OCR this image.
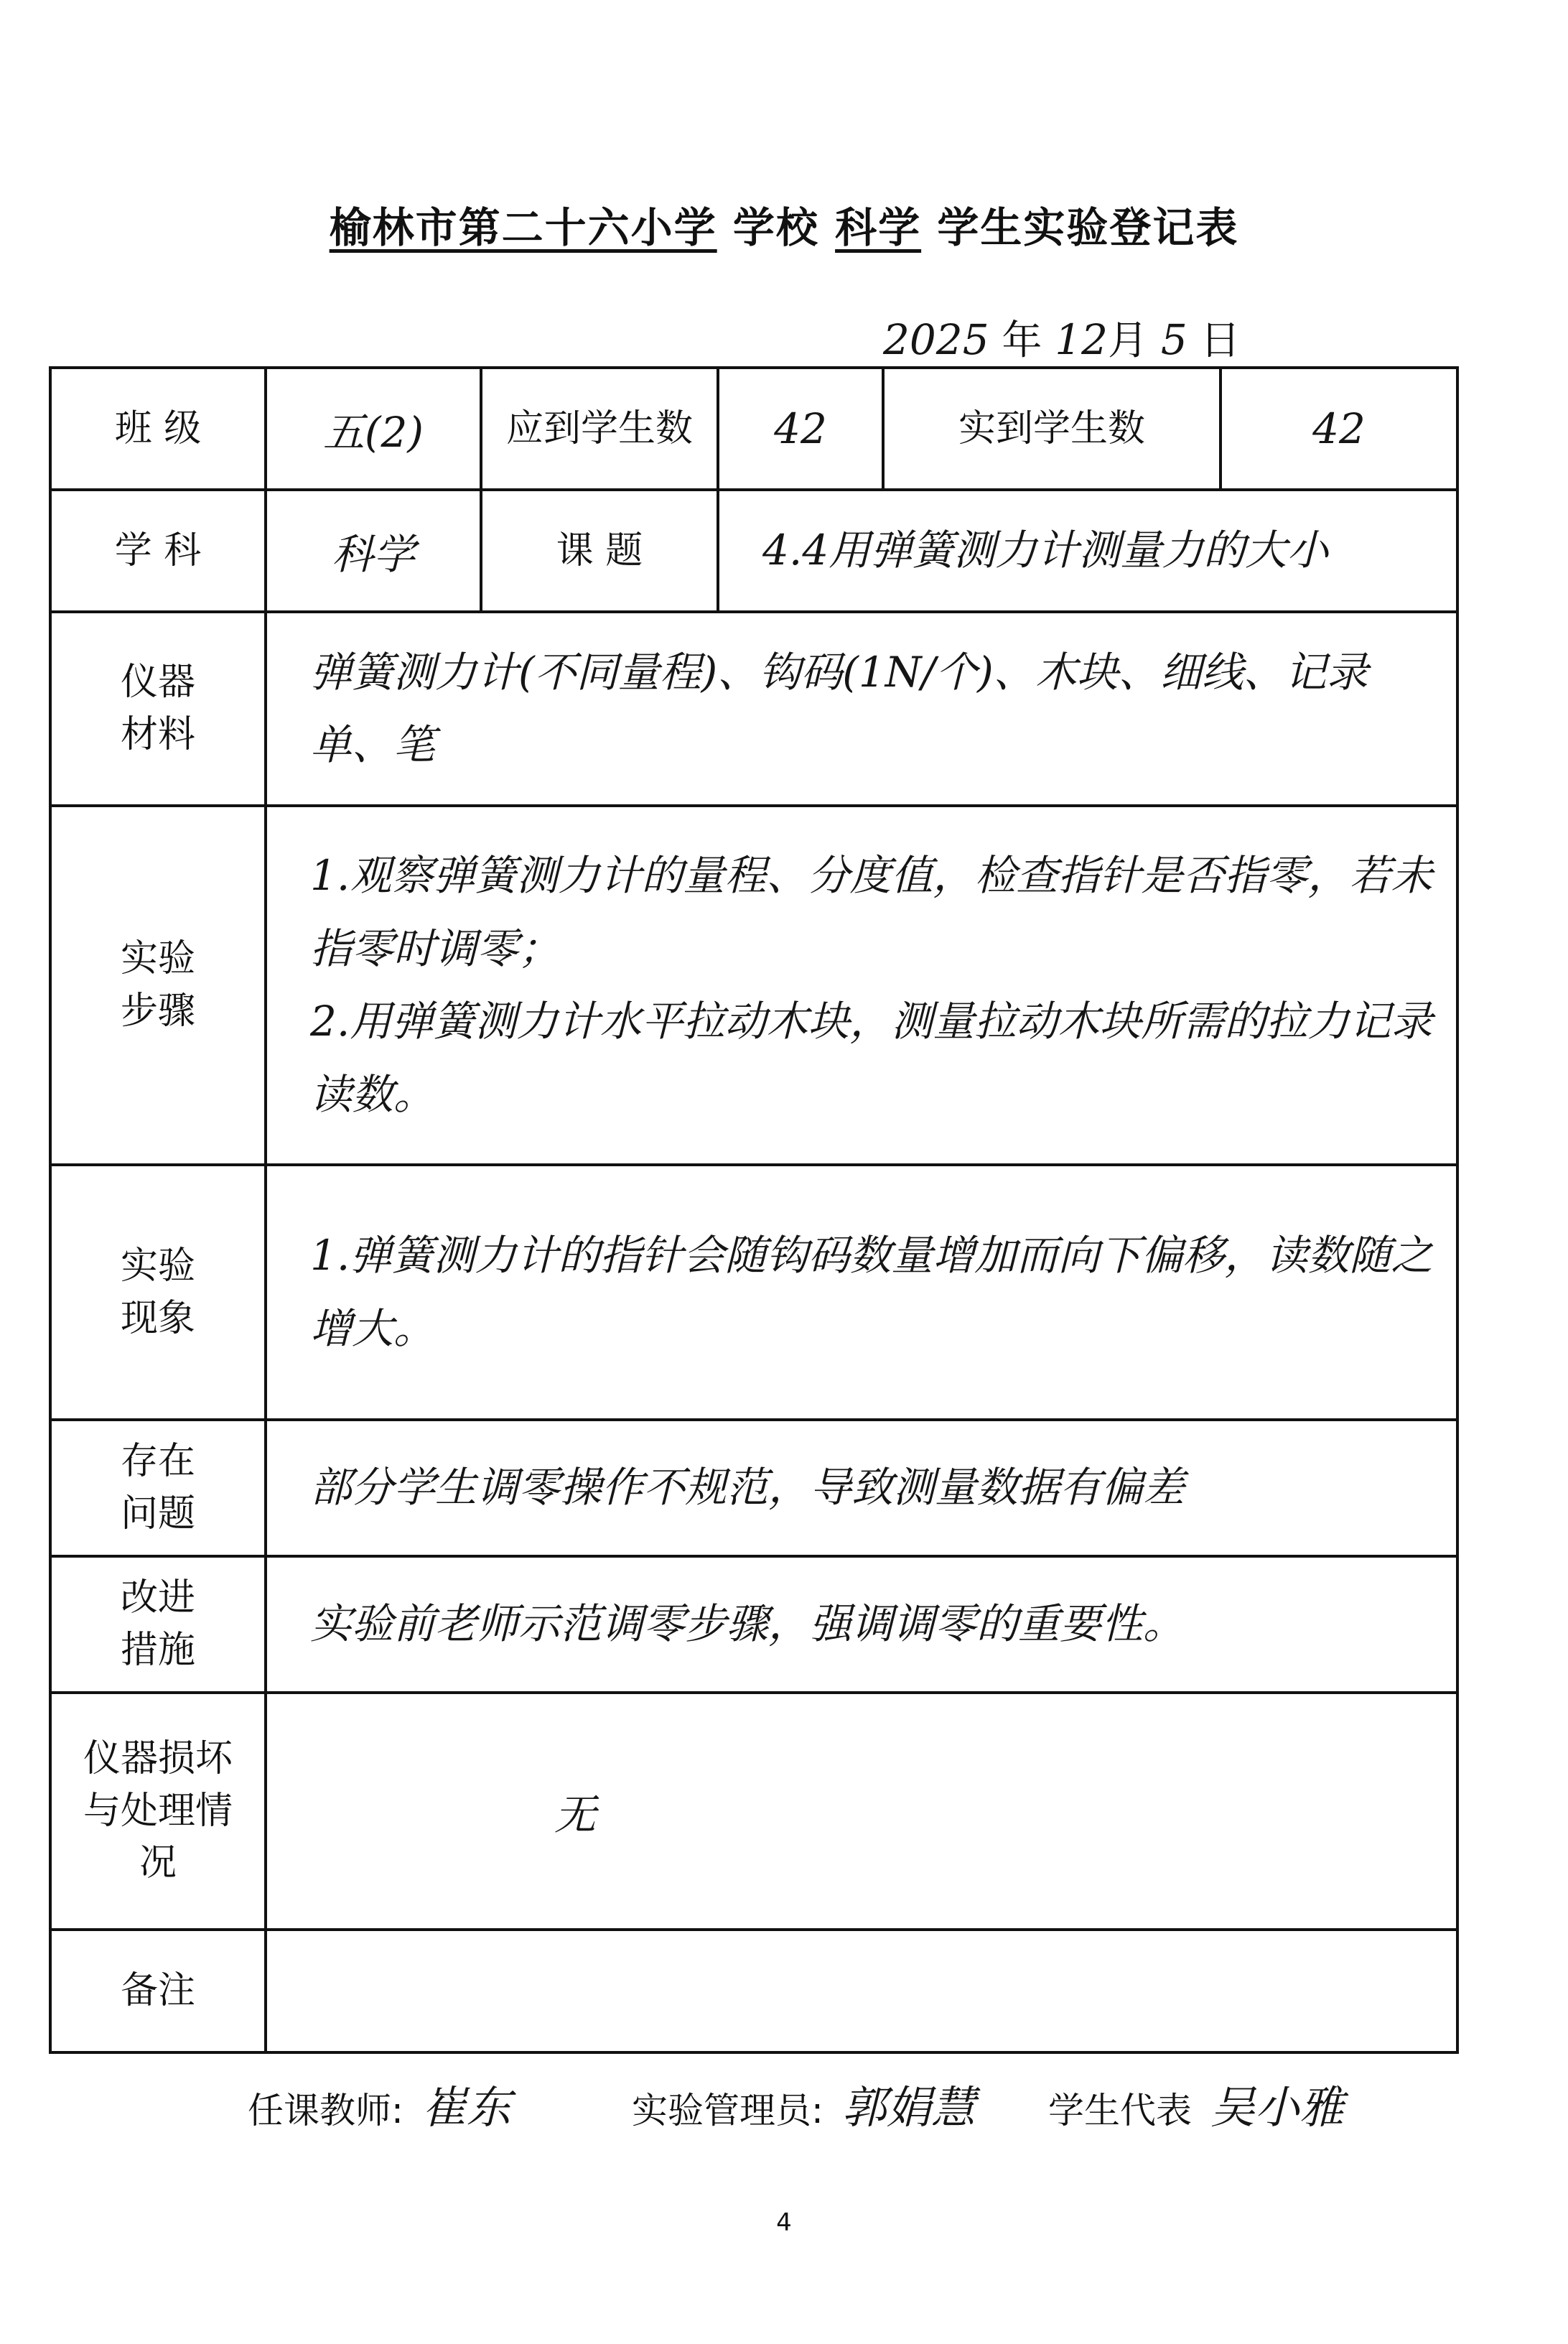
榆林市第二十六小学 学校 科学 学生实验登记表
2025 年 12月 5 日
班 级	五(2)	应到学生数	42	实到学生数	42
学 科	科学	课 题	4.4用弹簧测力计测量力的大小		
仪器材料	弹簧测力计(不同量程)、钩码(1N/个)、木块、细线、记录单、笔				
实验步骤	1.观察弹簧测力计的量程、分度值，检查指针是否指零，若未指零时调零；
2.用弹簧测力计水平拉动木块，测量拉动木块所需的拉力记录读数。				

实验现象	1.弹簧测力计的指针会随钩码数量增加而向下偏移，读数随之增大。				
存在问题	部分学生调零操作不规范，导致测量数据有偏差				
改进措施	实验前老师示范调零步骤，强调调零的重要性。				
仪器损坏与处理情况	无				
备注					
任课教师: 崔东	实验管理员: 郭娟慧 学生代表 吴小雅
4
